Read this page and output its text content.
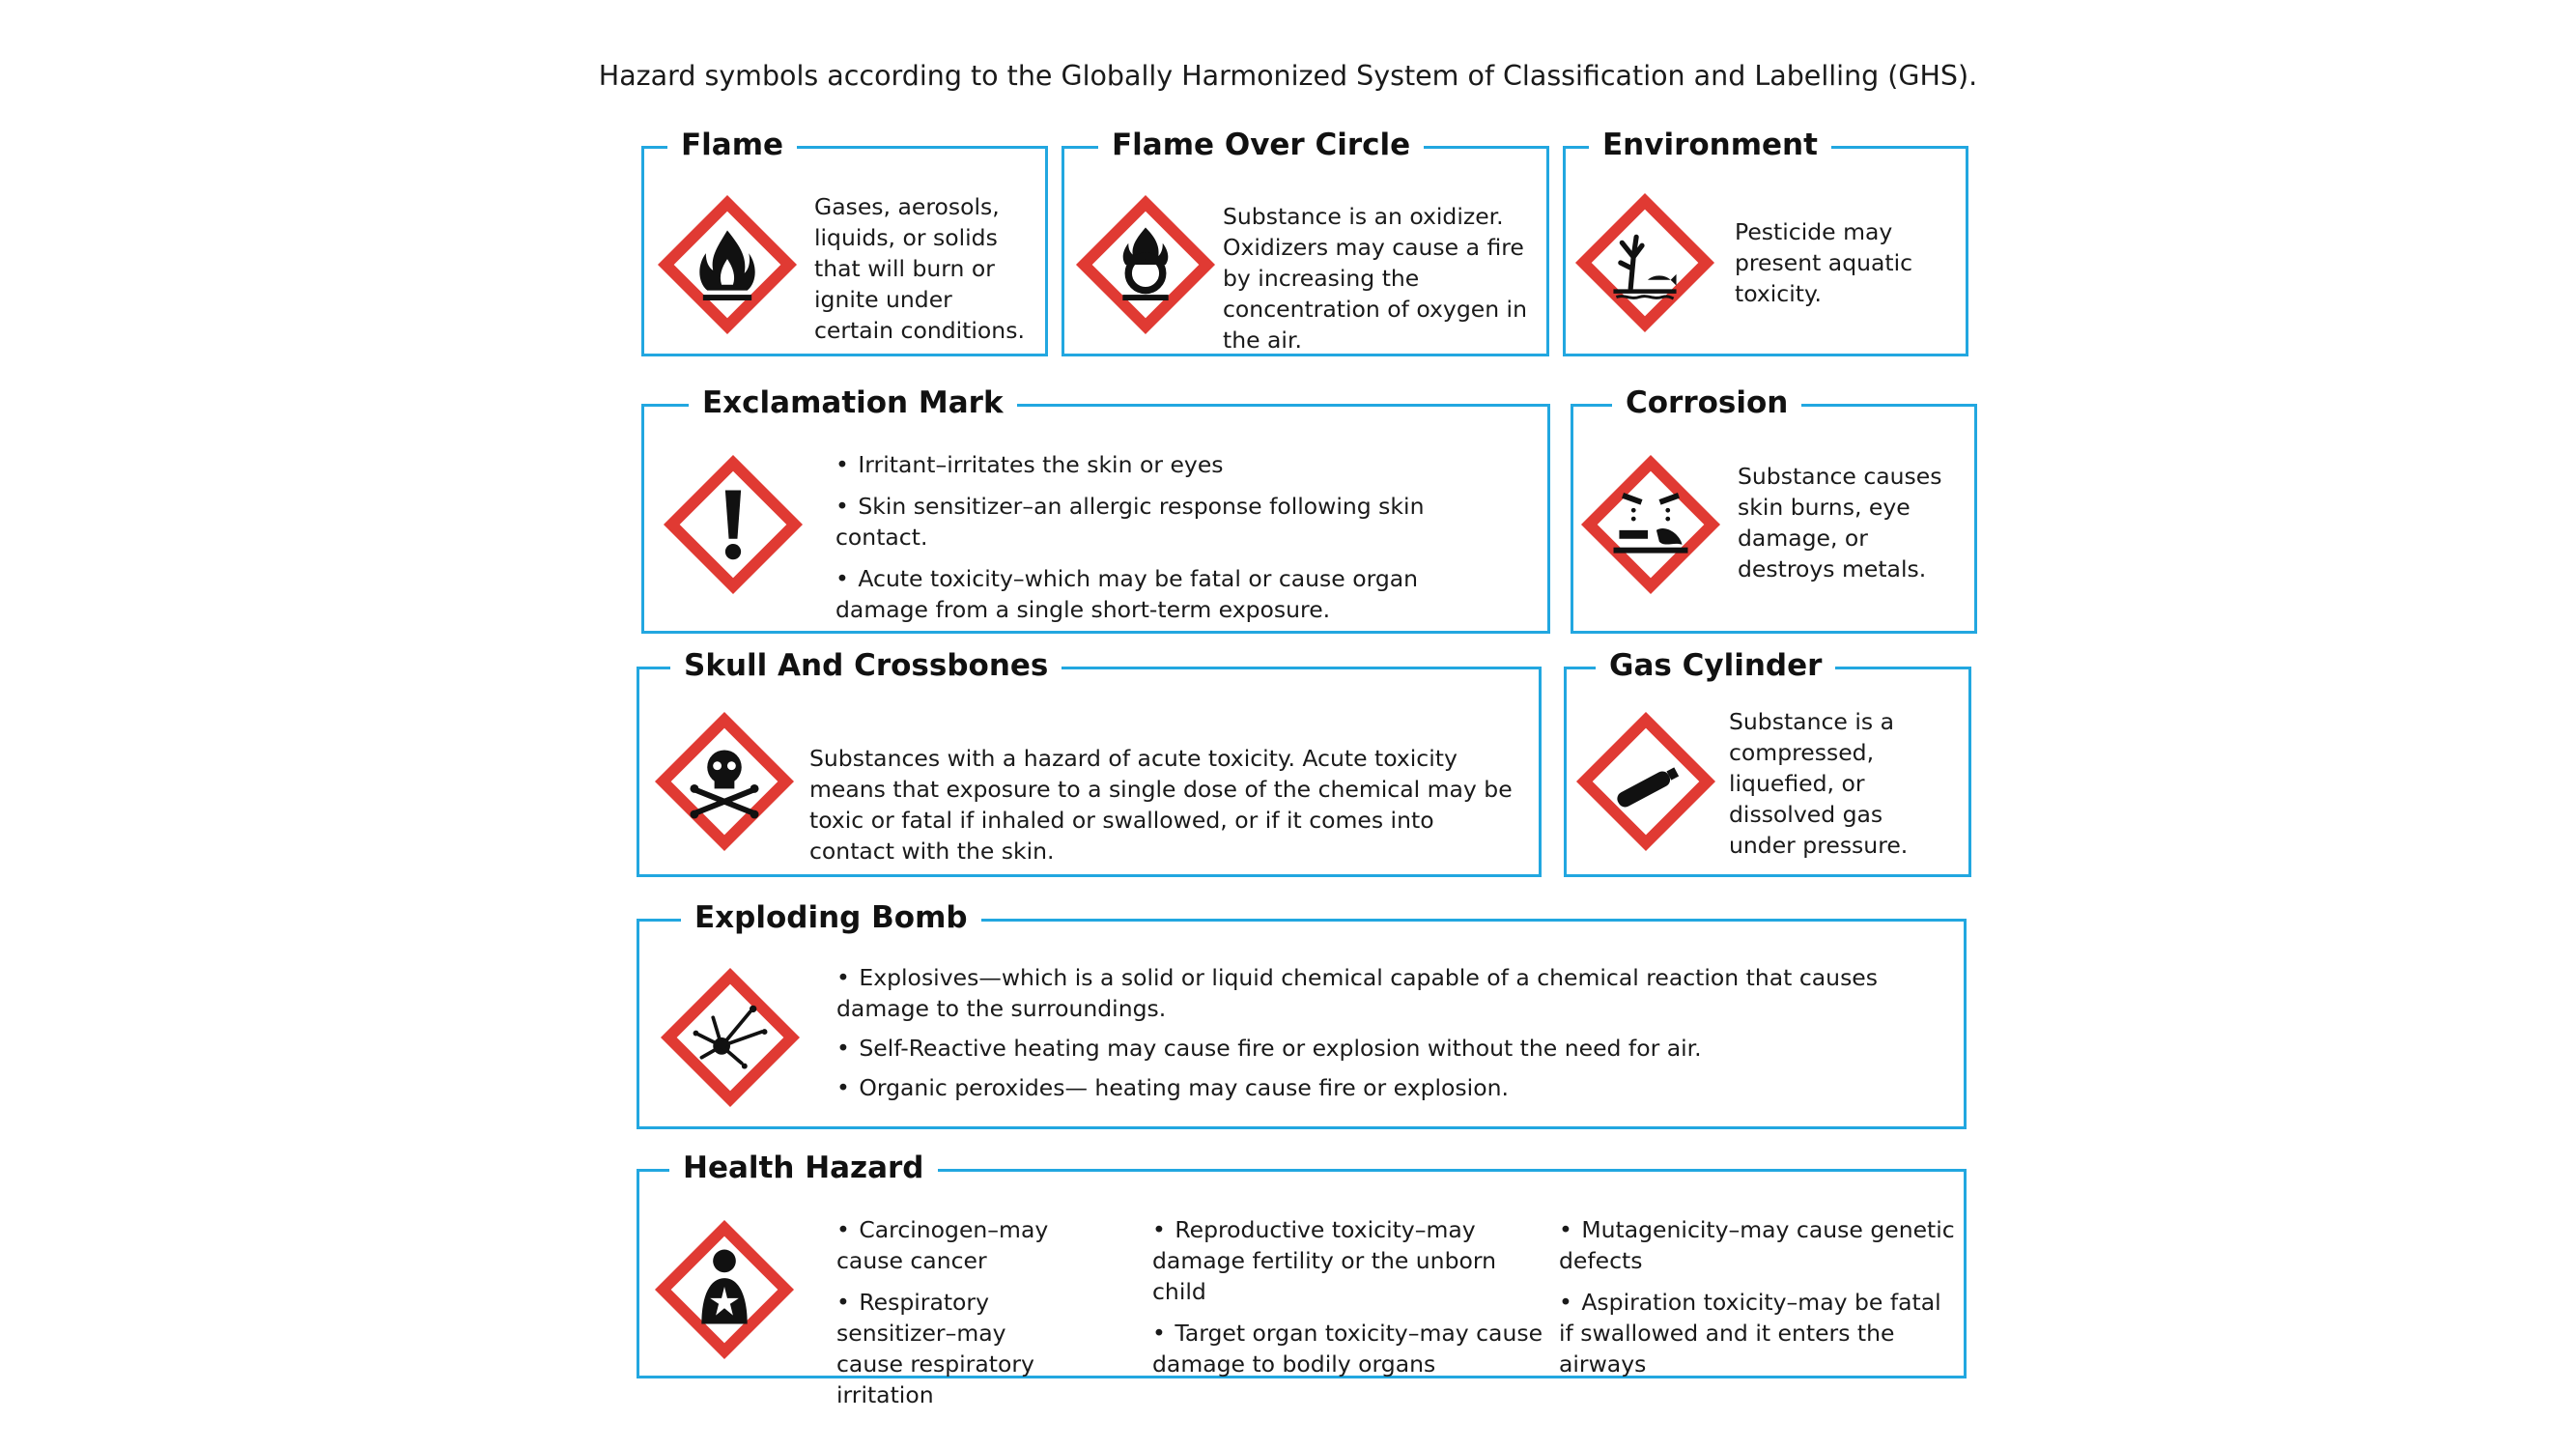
Hazard symbols according to the Globally Harmonized System of Classification and Labelling (GHS).
Flame
Gases, aerosols, liquids, or solids that will burn or ignite under certain conditions.
Flame Over Circle
Substance is an oxidizer. Oxidizers may cause a fire by increasing the concentration of oxygen in the air.
Environment
Pesticide may present aquatic toxicity.
Exclamation Mark
• Irritant–irritates the skin or eyes
• Skin sensitizer–an allergic response following skin contact.
• Acute toxicity–which may be fatal or cause organ damage from a single short-term exposure.
Corrosion
Substance causes skin burns, eye damage, or destroys metals.
Skull And Crossbones
Substances with a hazard of acute toxicity. Acute toxicity means that exposure to a single dose of the chemical may be toxic or fatal if inhaled or swallowed, or if it comes into contact with the skin.
Gas Cylinder
Substance is a compressed, liquefied, or dissolved gas under pressure.
Exploding Bomb
• Explosives—which is a solid or liquid chemical capable of a chemical reaction that causes damage to the surroundings.
• Self-Reactive heating may cause fire or explosion without the need for air.
• Organic peroxides— heating may cause fire or explosion.
Health Hazard
• Carcinogen–may cause cancer
• Respiratory sensitizer–may cause respiratory irritation
• Reproductive toxicity–may damage fertility or the unborn child
• Target organ toxicity–may cause damage to bodily organs
• Mutagenicity–may cause genetic defects
• Aspiration toxicity–may be fatal if swallowed and it enters the airways
